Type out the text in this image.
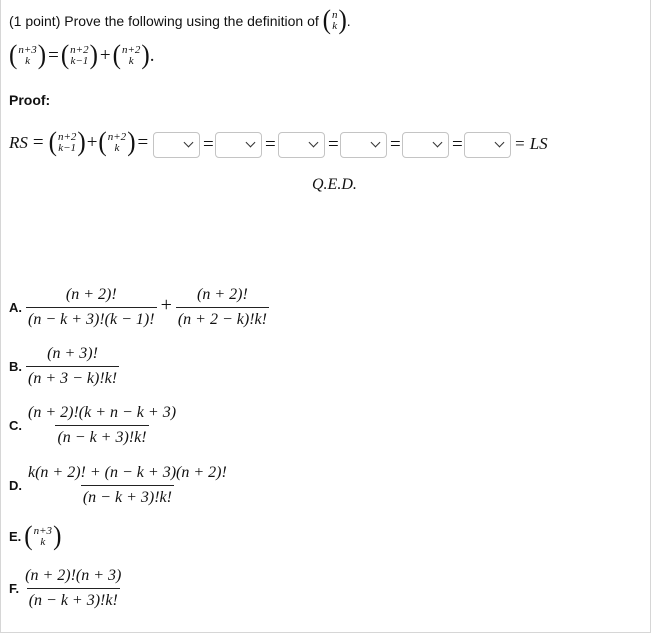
(1 point)
Prove the following using the definition of
( n
k ) .
( n+3
k ) = ( n+2
k−1 ) + ( n+2
k ) .
Proof:
RS = ( n+2
k−1 ) + ( n+2
k ) =	=	=	=	=	=	= LS
Q.E.D.
A. $\frac{(n + 2)!}{(n - k + 3)!(k - 1)!} + \frac{(n + 2)!}{(n + 2 - k)!k!}$
B. $\frac{(n + 3)!}{(n + 3 - k)!k!}$
C. $\frac{(n + 2)!(k + n - k + 3)}{(n - k + 3)!k!}$
D. $\frac{k(n + 2)! + (n - k + 3)(n + 2)!}{(n - k + 3)!k!}$
E. ( n+3
k )
F. $\frac{(n + 2)!(n + 3)}{(n - k + 3)!k!}$
